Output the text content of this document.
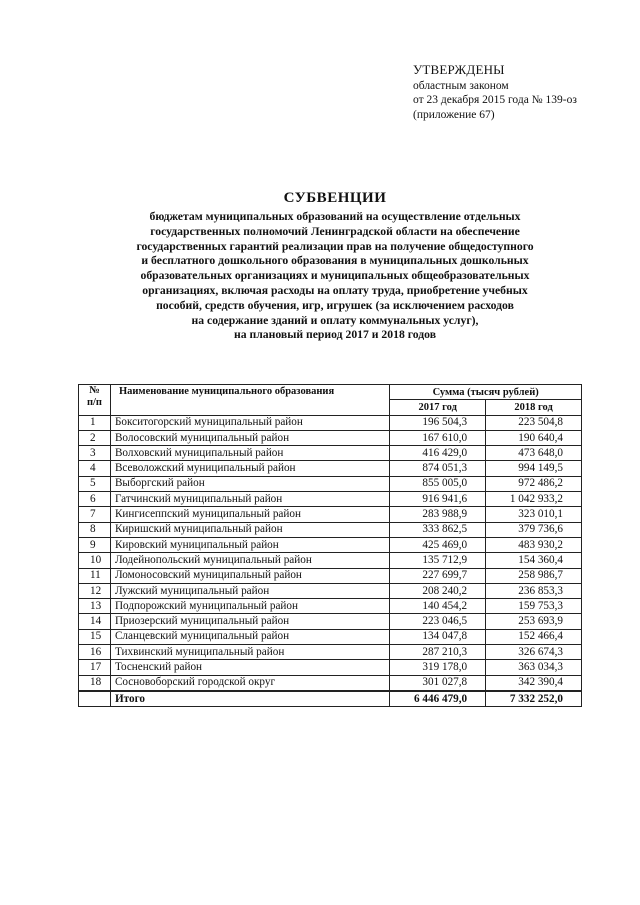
УТВЕРЖДЕНЫ
областным законом
от 23 декабря 2015 года № 139-оз
(приложение 67)
СУБВЕНЦИИ
бюджетам муниципальных образований на осуществление отдельных
государственных полномочий Ленинградской области на обеспечение
государственных гарантий реализации прав на получение общедоступного
и бесплатного дошкольного образования в муниципальных дошкольных
образовательных организациях и муниципальных общеобразовательных
организациях, включая расходы на оплату труда, приобретение учебных
пособий, средств обучения, игр, игрушек (за исключением расходов
на содержание зданий и оплату коммунальных услуг),
на плановый период 2017 и 2018 годов
№
п/п	Наименование муниципального образования	Сумма (тысяч рублей)	
		2017 год	2018 год
1	Бокситогорский муниципальный район	196 504,3	223 504,8
2	Волосовский муниципальный район	167 610,0	190 640,4
3	Волховский муниципальный район	416 429,0	473 648,0
4	Всеволожский муниципальный район	874 051,3	994 149,5
5	Выборгский район	855 005,0	972 486,2
6	Гатчинский муниципальный район	916 941,6	1 042 933,2
7	Кингисеппский муниципальный район	283 988,9	323 010,1
8	Киришский муниципальный район	333 862,5	379 736,6
9	Кировский муниципальный район	425 469,0	483 930,2
10	Лодейнопольский муниципальный район	135 712,9	154 360,4
11	Ломоносовский муниципальный район	227 699,7	258 986,7
12	Лужский муниципальный район	208 240,2	236 853,3
13	Подпорожский муниципальный район	140 454,2	159 753,3
14	Приозерский муниципальный район	223 046,5	253 693,9
15	Сланцевский муниципальный район	134 047,8	152 466,4
16	Тихвинский муниципальный район	287 210,3	326 674,3
17	Тосненский район	319 178,0	363 034,3
18	Сосновоборский городской округ	301 027,8	342 390,4
	Итого	6 446 479,0	7 332 252,0
